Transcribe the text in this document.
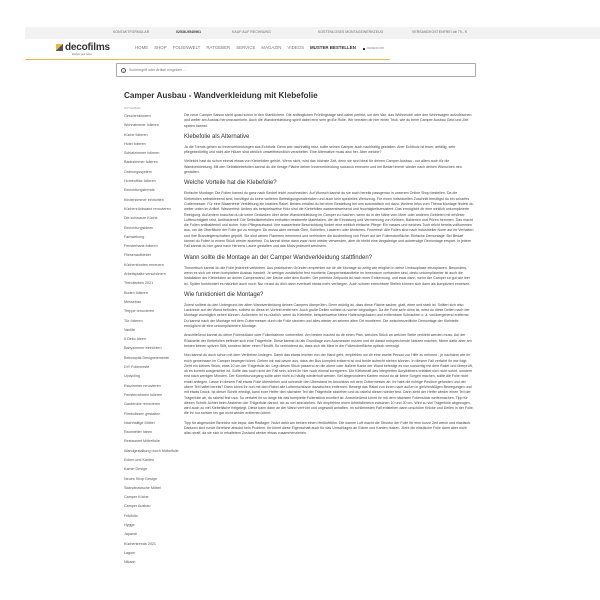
KONTAKTFORMULAR	02536-9540961	KAUF AUF RECHNUNG	KOSTENLOSES MONTAGEWERKZEUG	VERSANDKOSTENFREI ab 79,- €
decofilms
Restyle your home
HOME SHOP FOLIENWELT RATGEBER SERVICE MAGAZIN VIDEOS MUSTER BESTELLEN	WARENKORB
i
Suchbegriff oder Artikel eingeben ...
Camper Ausbau - Wandverkleidung mit Klebefolie
RATGEBER
Geschenkboxen
Wohnzimmer folieren
Küche folieren
Hotel folieren
Schlafzimmer folieren
Badezimmer folieren
Ordnungssystem
Homeoffice folieren
Einrichtungstrends
Kinderzimmer einrichten
Küchenrückwand renovieren
Die schwarze Küche
Einrichtungsideen
Farbwirkung
Fensterbank folieren
Fliesenaufkleber
Küchenfronten erneuern
Arbeitsplatte verschönern
Trendfarben 2021
Boden folieren
Messebau
Treppe renovieren
Tür folieren
Vanlife
5 Deko Ideen
Babyzimmer einrichten
Betonoptik Designelemente
DIY Folienreste
Upcycling
Esszimmer renovieren
Fensterrahmen folieren
Garderobe renovieren
Filmkulissen gestalten
Nachhaltige Möbel
Raumteiler Ideen
Restaurant Möbelfolie
Wandgestaltung durch Möbelfolie
Ecken und Kanten
Kamin Design
Neues Shop Design
Skandinavische Möbel
Camper Küche
Camper Ausbau
Frikifolio
Hygge
Japandi
Küchentrends 2021
Lagom
Nikaon

Die neue Camper Saison steht quasi schon in den Startlöchern. Die anfänglichen Frühlingstage sind dabei perfekt, um den Van, das Wohnmobil oder den Wohnwagen aufzufrischen und weiter am Ausbau herumzuwerkeln. Auch die Wandverkleidung spielt dabei eine sehr große Rolle. Wir verraten dir hier einen Trick, wie du beim Camper Ausbau Geld und Zeit sparen kannst.

Klebefolie als Alternative

Ja die Trends gehen zu Innenverkleidungen aus Echtholz. Denn wer nachhaltig reist, sollte seinen Camper auch nachhaltig gestalten. Aber Echtholz ist teuer, anfällig, sehr pflegebedürftig und nicht alle Hölzer sind wirklich umweltfreundlich verarbeitet. Eine Alternative muss also her. Aber welche?

Vielleicht hast du schon einmal etwas von Klebefolien gehört. Wenn nicht, wird das höchste Zeit, denn sie sind ideal für deinen Camper Ausbau - vor allem auch für die Wandverkleidung. Mit den Selbstklebefolien kannst du die riesige Fläche deiner Innenverkleidung ruckzuck erneuern und bei Bedarf immer wieder nach deinen Wünschen neu gestalten.

Welche Vorteile hat die Klebefolie?

Einfache Montage: Die Folien kannst du ganz nach Bedarf leicht zuschneiden. Auf Wunsch kannst du sie auch bereits passgenau in unserem Online Shop bestellen. Da die Klebefolien selbstklebend sind, benötigst du keine weiteren Befestigungsmaterialien und auch kein spezielles Werkzeug. Für einen individuellen Zuschnitt benötigst du ein scharfes Cuttermesser. Für eine Blasenfreie Verklebung ein intaktes Rakel. Beides erhältst du bei einer Bestellung bei uns automatisch mit dazu. Weitere Infos zum Thema Montage findest du weiter unten im Artikel. Wasserfest: Anders als beispielsweise Holz sind die Klebefolien wasserabweisend und feuchtigkeitsresistent. Das ermöglicht dir eine wirklich unkomplizierte Reinigung. Außerdem brauchst du dir keine Gedanken über deine Wandverkleidung im Camper zu machen, wenn du in der Nähe vom Meer oder anderen Gebieten mit erhöhter Luftfeuchtigkeit reist. Antibakteriell: Die Selbstklebefolien enthalten bestimmte Materialien, die die Einnistung und Vermehrung von Keimen, Bakterien und Pilzen hemmen. Das macht die Folien antibakteriell und sicher. Kein Pflegeaufwand: Ihre wasserfeste Beschichtung fördert eine wirklich einfache Pflege. Ein nasses und weiches Tuch reicht bereits vollkommen aus, um die Oberfläche der Folie gut zu reinigen. Du musst aber niemals Ölen, Schleifen, Lasieren oder ähnliches. Feuerfest: Alle Folien sind nach industrieller Norm auf ihr Verhalten und ihre Brandeigenschaften geprüft. Sie sind wirken Flammen hemmend und verhindern die Ausbreitung von Feuer auf der Folienoberfläche. Einfache Demontage: Bei Bedarf kannst du Folien in einem Stück wieder abziehen. Du kannst diese dann zwar nicht wieder verwenden, aber dir bleibt eine langwierige und aufwendige Demontage erspart. In jedem Fall kannst du hier ganz nach Herzens Laune gestalten und das Motiv jederzeit wechseln.

Wann sollte die Montage an der Camper Wandverkleidung stattfinden?

Theoretisch kannst du die Folie jederzeit verkleben. Aus praktischen Gründen empfehlen wir dir die Montage so zeitig wie möglich in deine Umbauphase einzuplanen. Besonders, wenn es sich um einen kompletten Ausbau handelt. Je weniger zusätzliche fest montierte Camperbestandteile im Innenraum vorhanden sind, desto unkomplizierter ist auch die Installation der Klebefolien an deiner Camperwand, der Decke oder dem Boden. Der perfekte Zeitpunkt ist nach einer Entkernung, und zwar dann, wenn der Camper so gut wie leer ist. Später funktioniert es natürlich auch noch. Nur musst du dich dann eventuell etwas mehr verbiegen. Auch schwer erreichbare Stellen können sich dann als kompliziert erweisen.

Wie funktioniert die Montage?

Zuerst solltest du den Untergrund der alten Wandverkleidung deines Campers überprüfen. Denn wichtig ist, dass diese Fläche sauber, glatt, eben und stark ist. Sollten sich also Lackreste auf der Wand befinden, solltest du diese im Vorfeld entfernen. Auch große Dellen solltest du vorher begradigen. Da die Folie sehr dünn ist, wirst du diese Dellen nach der Montage womöglich sehen können. Außerdem ist es nützlich, wenn du Kleinteile, beispielsweise kleine Halterungshaken und entfernbare Schrauben o. ä. vorübergehend entfernst. Du kannst nach der Montage mit dem Cuttermesser durch die Folie stechen und alles wieder an seinem alten Ort montieren. Die zwischenzeitliche Demontage der Kleinteile ermöglicht dir eine unkompliziertere Montage.

Anschließend kannst du deine Folienstücke oder Folienbahnen vorbereiten. Am besten machst du dir einen Plan, welches Stück an welcher Stelle verklebt werden muss. Auf der Rückseite der Klebefolien befindet sich eine Trägerfolie. Diese kannst du als Grundlage zum Ausmessen nutzen und dir darauf entsprechende Notizen machen. Nimm dafür aber am besten keinen spitzen Stift, sondern lieber einen Filzstift. So verhinderst du, dass sich die Mine in der Folienoberfläche optisch verewigt.

Nun kannst du auch schon mit dem Verkleben loslegen. Damit das etwas leichter von der Hand geht, empfehlen wir dir eine zweite Person zur Hilfe zu nehmen - je nachdem wie ihr euch gemeinsam im Camper bewegen könnt. Gehen wir mal davon aus, dass der Bus komplett entkernt ist und beide aufrecht stehen können. In diesem Fall verfahrt ihr wie folgt: Zieht ein kleines Stück, etwa 10 cm der Trägerfolie ab. Legt dieses Stück passend an die obere oder äußere Kante der Wand befestigt es nun vorsichtig mit dem Rakel und überprüft, ob es korrekt ausgerichtet ist. Sollte das noch nicht der Fall sein, könnt ihr hier noch einmal korrigieren. Die Klebekraft des integrierten Acrylklebers entfaltet sich nicht sofort, sondern erst nach wenigen Minuten. Der Korrekturvorgang sollte aber nicht zu häufig wiederholt werden. Bei abgerundeten Kanten musst du dir keine Sorgen machen, sollte die Folie nicht exakt anliegen. Lasse in diesem Fall etwas Folie überstehen und schneide den Überstand im Anschluss mit dem Cuttermesser ab. Ihr habt die richtige Position gefunden und der obere Teil haftet bereits? Dann könnt ihr nun mit dem Rakel alle Lufteinschlüsse dazwischen entfernen. Bewegt das Rakel von innen nach außen in gleichmäßigen Bewegungen und mit etwas Druck. Ist dieser Schritt erledigt, kann euer Helfer den nächsten Teil der Trägerfolie abziehen und du rakelst diesen wieder fest. Dann zieht der Helfer wieder einen Teil der Trägerfolie ab, du rakelst fest usw. So verfahrt ihr so lange bis das komplette Folienstück montiert ist. Anschließend könnt ihr mit dem nächsten Folienstück weitermachen. Tipp für diesen Schritt: Achtet beim Abziehen der Trägerfolie darauf, nie zu viel abzuziehen. Wir empfehlen einen Arbeitsbereich zwischen 10 und 20 cm. Wird zu viel Trägerfolie abgezogen, wird auch zu viel Klebefläche freigelegt. Diese kann dann an der Wand verfrüht und ungewollt anhaften. Im schlimmsten Fall entstehen dann unschöne Knicke und Dellen in der Folie, die ihr nur schwer bis gar nicht wieder entfernen könnt.

Tipp für abgerundet Bereiche wie bspw. das Radlager: Nutzt dafür am besten einen Heißluftföhn. Die warme Luft macht die Struktur der Folie für eine kurze Zeit weich und elastisch. Dadurch sind runde Bereiche absolut kein Problem. Ihr könnt diese Eigenschaft auch für das Umschlagen an Ecken und Kanten nutzen. Zieht die elastische Folie dann aber nicht allzu straff, da sie sich in erkaltetem Zustand wieder etwas zusammenziehen.
